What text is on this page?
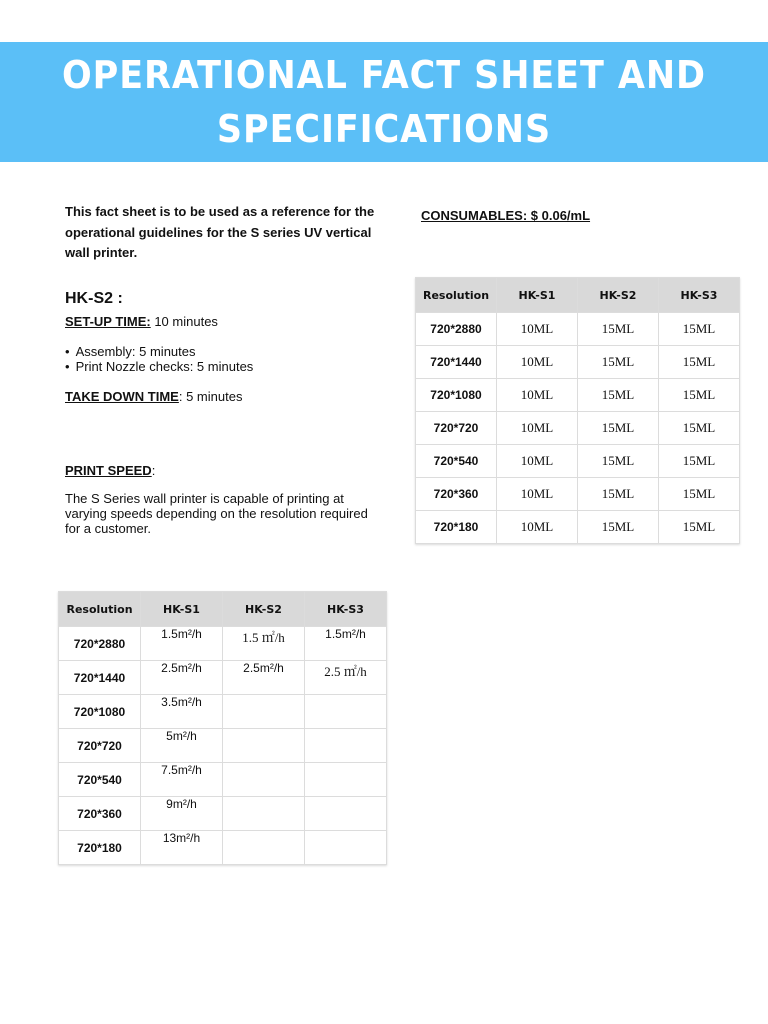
OPERATIONAL FACT SHEET AND SPECIFICATIONS
This fact sheet is to be used as a reference for the operational guidelines for the S series UV vertical wall printer.
CONSUMABLES: $ 0.06/mL
HK-S2 :
SET-UP TIME: 10 minutes
• Assembly: 5 minutes
• Print Nozzle checks: 5 minutes
TAKE DOWN TIME: 5 minutes
PRINT SPEED:
The S Series wall printer is capable of printing at varying speeds depending on the resolution required for a customer.
Resolution	HK-S1	HK-S2	HK-S3
720*2880	10ML	15ML	15ML
720*1440	10ML	15ML	15ML
720*1080	10ML	15ML	15ML
720*720	10ML	15ML	15ML
720*540	10ML	15ML	15ML
720*360	10ML	15ML	15ML
720*180	10ML	15ML	15ML
Resolution	HK-S1	HK-S2	HK-S3
720*2880	1.5m²/h	1.5 ㎡/h	1.5m²/h
720*1440	2.5m²/h	2.5m²/h	2.5 ㎡/h
720*1080	3.5m²/h		
720*720	5m²/h		
720*540	7.5m²/h		
720*360	9m²/h		
720*180	13m²/h		
